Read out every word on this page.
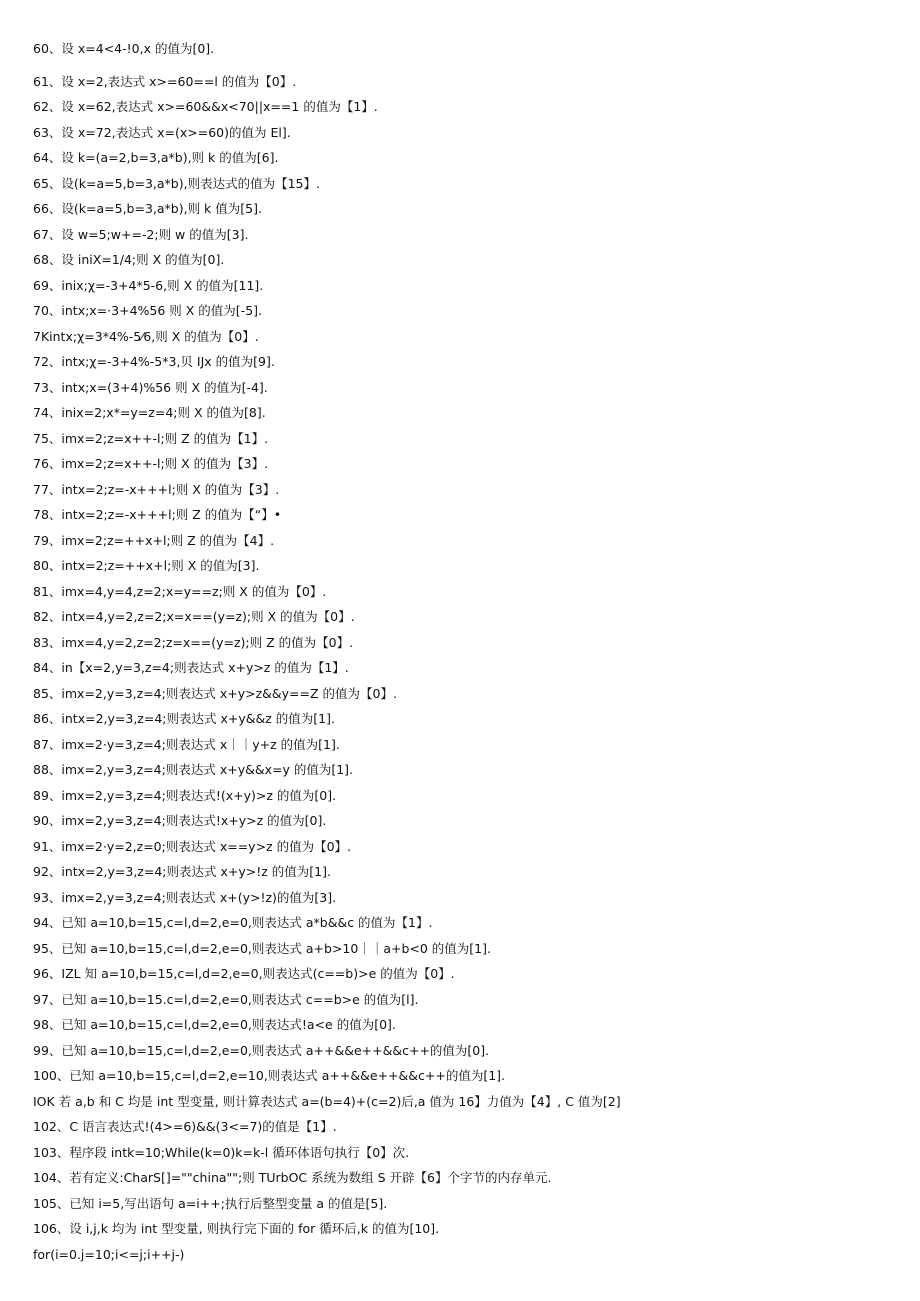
60、设 x=4<4-!0,x 的值为[0].
61、设 x=2,表达式 x>=60==l 的值为【0】.
62、设 x=62,表达式 x>=60&&x<70||x==1 的值为【1】.
63、设 x=72,表达式 x=(x>=60)的值为 El].
64、设 k=(a=2,b=3,a*b),则 k 的值为[6].
65、设(k=a=5,b=3,a*b),则表达式的值为【15】.
66、设(k=a=5,b=3,a*b),则 k 值为[5].
67、设 w=5;w+=-2;则 w 的值为[3].
68、设 iniX=1/4;则 X 的值为[0].
69、inix;χ=-3+4*5-6,则 X 的值为[11].
70、intx;x=·3+4%56 则 X 的值为[-5].
7Kintx;χ=3*4%-5⁄6,则 X 的值为【0】.
72、intx;χ=-3+4%-5*3,贝 IJx 的值为[9].
73、intx;x=(3+4)%56 则 X 的值为[-4].
74、inix=2;x*=y=z=4;则 X 的值为[8].
75、imx=2;z=x++-l;则 Z 的值为【1】.
76、imx=2;z=x++-l;则 X 的值为【3】.
77、intx=2;z=-x+++l;则 X 的值为【3】.
78、intx=2;z=-x+++l;则 Z 的值为【“】•
79、imx=2;z=++x+l;则 Z 的值为【4】.
80、intx=2;z=++x+l;则 X 的值为[3].
81、imx=4,y=4,z=2;x=y==z;则 X 的值为【0】.
82、intx=4,y=2,z=2;x=x==(y=z);则 X 的值为【0】.
83、imx=4,y=2,z=2;z=x==(y=z);则 Z 的值为【0】.
84、in【x=2,y=3,z=4;则表达式 x+y>z 的值为【1】.
85、imx=2,y=3,z=4;则表达式 x+y>z&&y==Z 的值为【0】.
86、intx=2,y=3,z=4;则表达式 x+y&&z 的值为[1].
87、imx=2·y=3,z=4;则表达式 x｜｜y+z 的值为[1].
88、imx=2,y=3,z=4;则表达式 x+y&&x=y 的值为[1].
89、imx=2,y=3,z=4;则表达式!(x+y)>z 的值为[0].
90、imx=2,y=3,z=4;则表达式!x+y>z 的值为[0].
91、imx=2·y=2,z=0;则表达式 x==y>z 的值为【0】.
92、intx=2,y=3,z=4;则表达式 x+y>!z 的值为[1].
93、imx=2,y=3,z=4;则表达式 x+(y>!z)的值为[3].
94、已知 a=10,b=15,c=l,d=2,e=0,则表达式 a*b&&c 的值为【1】.
95、已知 a=10,b=15,c=l,d=2,e=0,则表达式 a+b>10｜｜a+b<0 的值为[1].
96、IZL 知 a=10,b=15,c=l,d=2,e=0,则表达式(c==b)>e 的值为【0】.
97、已知 a=10,b=15.c=l,d=2,e=0,则表达式 c==b>e 的值为[l].
98、已知 a=10,b=15,c=l,d=2,e=0,则表达式!a<e 的值为[0].
99、已知 a=10,b=15,c=l,d=2,e=0,则表达式 a++&&e++&&c++的值为[0].
100、已知 a=10,b=15,c=l,d=2,e=10,则表达式 a++&&e++&&c++的值为[1].
IOK 若 a,b 和 C 均是 int 型变量, 则计算表达式 a=(b=4)+(c=2)后,a 值为 16】力值为【4】, C 值为[2]
102、C 语言表达式!(4>=6)&&(3<=7)的值是【1】.
103、程序段 intk=10;While(k=0)k=k-l 循环体语句执行【0】次.
104、若有定义:CharS[]=""china"";则 TUrbOC 系统为数组 S 开辟【6】个字节的内存单元.
105、已知 i=5,写出语句 a=i++;执行后整型变量 a 的值是[5].
106、设 i,j,k 均为 int 型变量, 则执行完下面的 for 循环后,k 的值为[10].
for(i=0.j=10;i<=j;i++j-)
